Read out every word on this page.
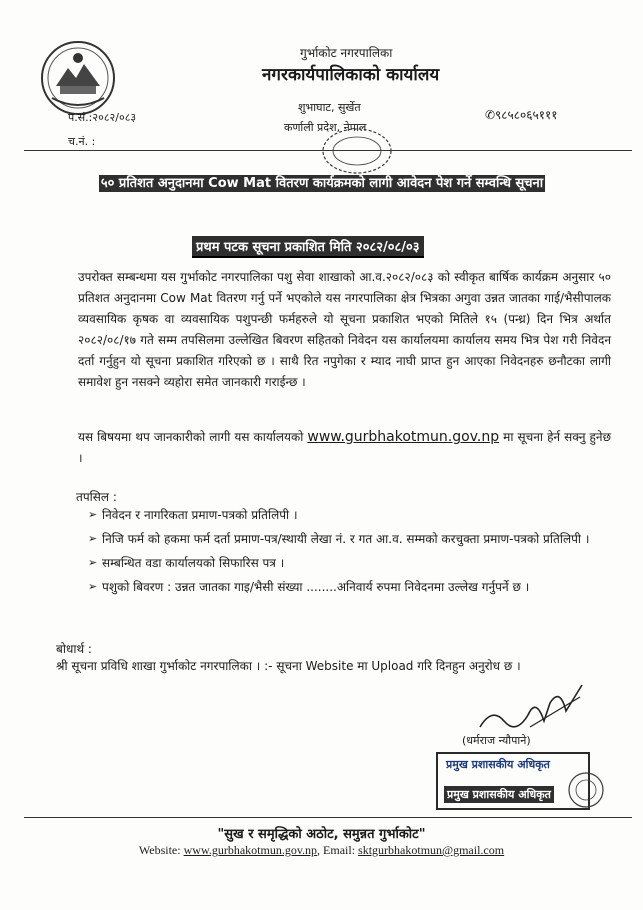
गुर्भाकोट नगरपालिका
नगरकार्यपालिकाको कार्यालय
शुभाघाट, सुर्खेत
कर्णाली प्रदेश, नेपाल
✆९८५८०६५१११
प.सं.:२०८२/०८३
च.नं. :
५० प्रतिशत अनुदानमा Cow Mat वितरण कार्यक्रमको लागी आवेदन पेश गर्ने सम्वन्धि सूचना
प्रथम पटक सूचना प्रकाशित मिति २०८२/०८/०३
उपरोक्त सम्बन्धमा यस गुर्भाकोट नगरपालिका पशु सेवा शाखाको आ.व.२०८२/०८३ को स्वीकृत बार्षिक कार्यक्रम अनुसार ५० प्रतिशत अनुदानमा Cow Mat वितरण गर्नु पर्ने भएकोले यस नगरपालिका क्षेत्र भित्रका अगुवा उन्नत जातका गाई/भैसीपालक व्यवसायिक कृषक वा व्यवसायिक पशुपन्छी फर्महरुले यो सूचना प्रकाशित भएको मितिले १५ (पन्ध्र) दिन भित्र अर्थात २०८२/०८/१७ गते सम्म तपसिलमा उल्लेखित बिवरण सहितको निवेदन यस कार्यालयमा कार्यालय समय भित्र पेश गरी निवेदन दर्ता गर्नुहुन यो सूचना प्रकाशित गरिएको छ । साथै रित नपुगेका र म्याद नाघी प्राप्त हुन आएका निवेदनहरु छनौटका लागी समावेश हुन नसक्ने व्यहोरा समेत जानकारी गराईन्छ ।
यस बिषयमा थप जानकारीको लागी यस कार्यालयको www.gurbhakotmun.gov.np मा सूचना हेर्न सक्नु हुनेछ ।
तपसिल :
➢ निवेदन र नागरिकता प्रमाण-पत्रको प्रतिलिपी ।
➢ निजि फर्म को हकमा फर्म दर्ता प्रमाण-पत्र/स्थायी लेखा नं. र गत आ.व. सम्मको करचुक्ता प्रमाण-पत्रको प्रतिलिपी ।
➢ सम्बन्धित वडा कार्यालयको सिफारिस पत्र ।
➢ पशुको बिवरण : उन्नत जातका गाइ/भैसी संख्या ........अनिवार्य रुपमा निवेदनमा उल्लेख गर्नुपर्ने छ ।
बोधार्थ :
श्री सूचना प्रविधि शाखा गुर्भाकोट नगरपालिका । :- सूचना Website मा Upload गरि दिनहुन अनुरोध छ ।
(धर्मराज न्यौपाने)
प्रमुख प्रशासकीय अधिकृत
प्रमुख प्रशासकीय अधिकृत
"सुख र समृद्धिको अठोट, समुन्नत गुर्भाकोट"
Website: www.gurbhakotmun.gov.np, Email: sktgurbhakotmun@gmail.com
